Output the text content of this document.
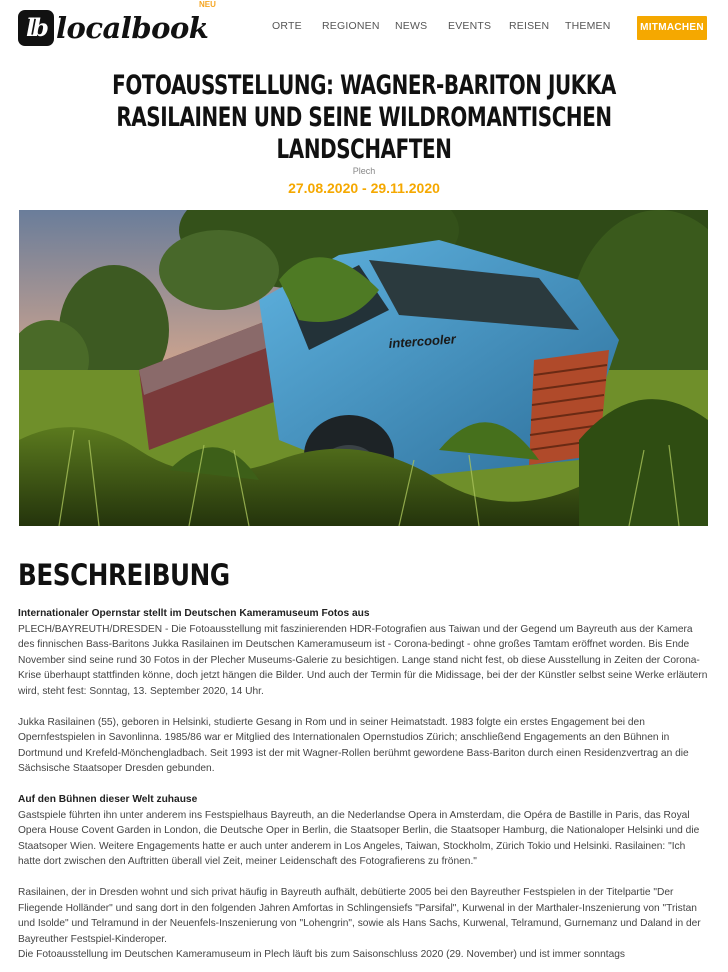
lb localbook
NEU
ORTE REGIONEN NEWS EVENTS REISEN THEMEN	MITMACHEN
FOTOAUSSTELLUNG: WAGNER-BARITON JUKKA RASILAINEN UND SEINE WILDROMANTISCHEN LANDSCHAFTEN
Plech
27.08.2020 - 29.11.2020
intercooler
BESCHREIBUNG

Internationaler Opernstar stellt im Deutschen Kameramuseum Fotos aus

PLECH/BAYREUTH/DRESDEN - Die Fotoausstellung mit faszinierenden HDR-Fotografien aus Taiwan und der Gegend um Bayreuth aus der Kamera des finnischen Bass-Baritons Jukka Rasilainen im Deutschen Kameramuseum ist - Corona-bedingt - ohne großes Tamtam eröffnet worden. Bis Ende November sind seine rund 30 Fotos in der Plecher Museums-Galerie zu besichtigen. Lange stand nicht fest, ob diese Ausstellung in Zeiten der Corona-Krise überhaupt stattfinden könne, doch jetzt hängen die Bilder. Und auch der Termin für die Midissage, bei der der Künstler selbst seine Werke erläutern wird, steht fest: Sonntag, 13. September 2020, 14 Uhr.

Jukka Rasilainen (55), geboren in Helsinki, studierte Gesang in Rom und in seiner Heimatstadt. 1983 folgte ein erstes Engagement bei den Opernfestspielen in Savonlinna. 1985/86 war er Mitglied des Internationalen Opernstudios Zürich; anschließend Engagements an den Bühnen in Dortmund und Krefeld-Mönchengladbach. Seit 1993 ist der mit Wagner-Rollen berühmt gewordene Bass-Bariton durch einen Residenzvertrag an die Sächsische Staatsoper Dresden gebunden.

Auf den Bühnen dieser Welt zuhause

Gastspiele führten ihn unter anderem ins Festspielhaus Bayreuth, an die Nederlandse Opera in Amsterdam, die Opéra de Bastille in Paris, das Royal Opera House Covent Garden in London, die Deutsche Oper in Berlin, die Staatsoper Berlin, die Staatsoper Hamburg, die Nationaloper Helsinki und die Staatsoper Wien. Weitere Engagements hatte er auch unter anderem in Los Angeles, Taiwan, Stockholm, Zürich Tokio und Helsinki. Rasilainen: "Ich hatte dort zwischen den Auftritten überall viel Zeit, meiner Leidenschaft des Fotografierens zu frönen."

Rasilainen, der in Dresden wohnt und sich privat häufig in Bayreuth aufhält, debütierte 2005 bei den Bayreuther Festspielen in der Titelpartie "Der Fliegende Holländer" und sang dort in den folgenden Jahren Amfortas in Schlingensiefs "Parsifal", Kurwenal in der Marthaler-Inszenierung von "Tristan und Isolde" und Telramund in der Neuenfels-Inszenierung von "Lohengrin", sowie als Hans Sachs, Kurwenal, Telramund, Gurnemanz und Daland in der Bayreuther Festspiel-Kinderoper.

Die Fotoausstellung im Deutschen Kameramuseum in Plech läuft bis zum Saisonschluss 2020 (29. November) und ist immer sonntags
